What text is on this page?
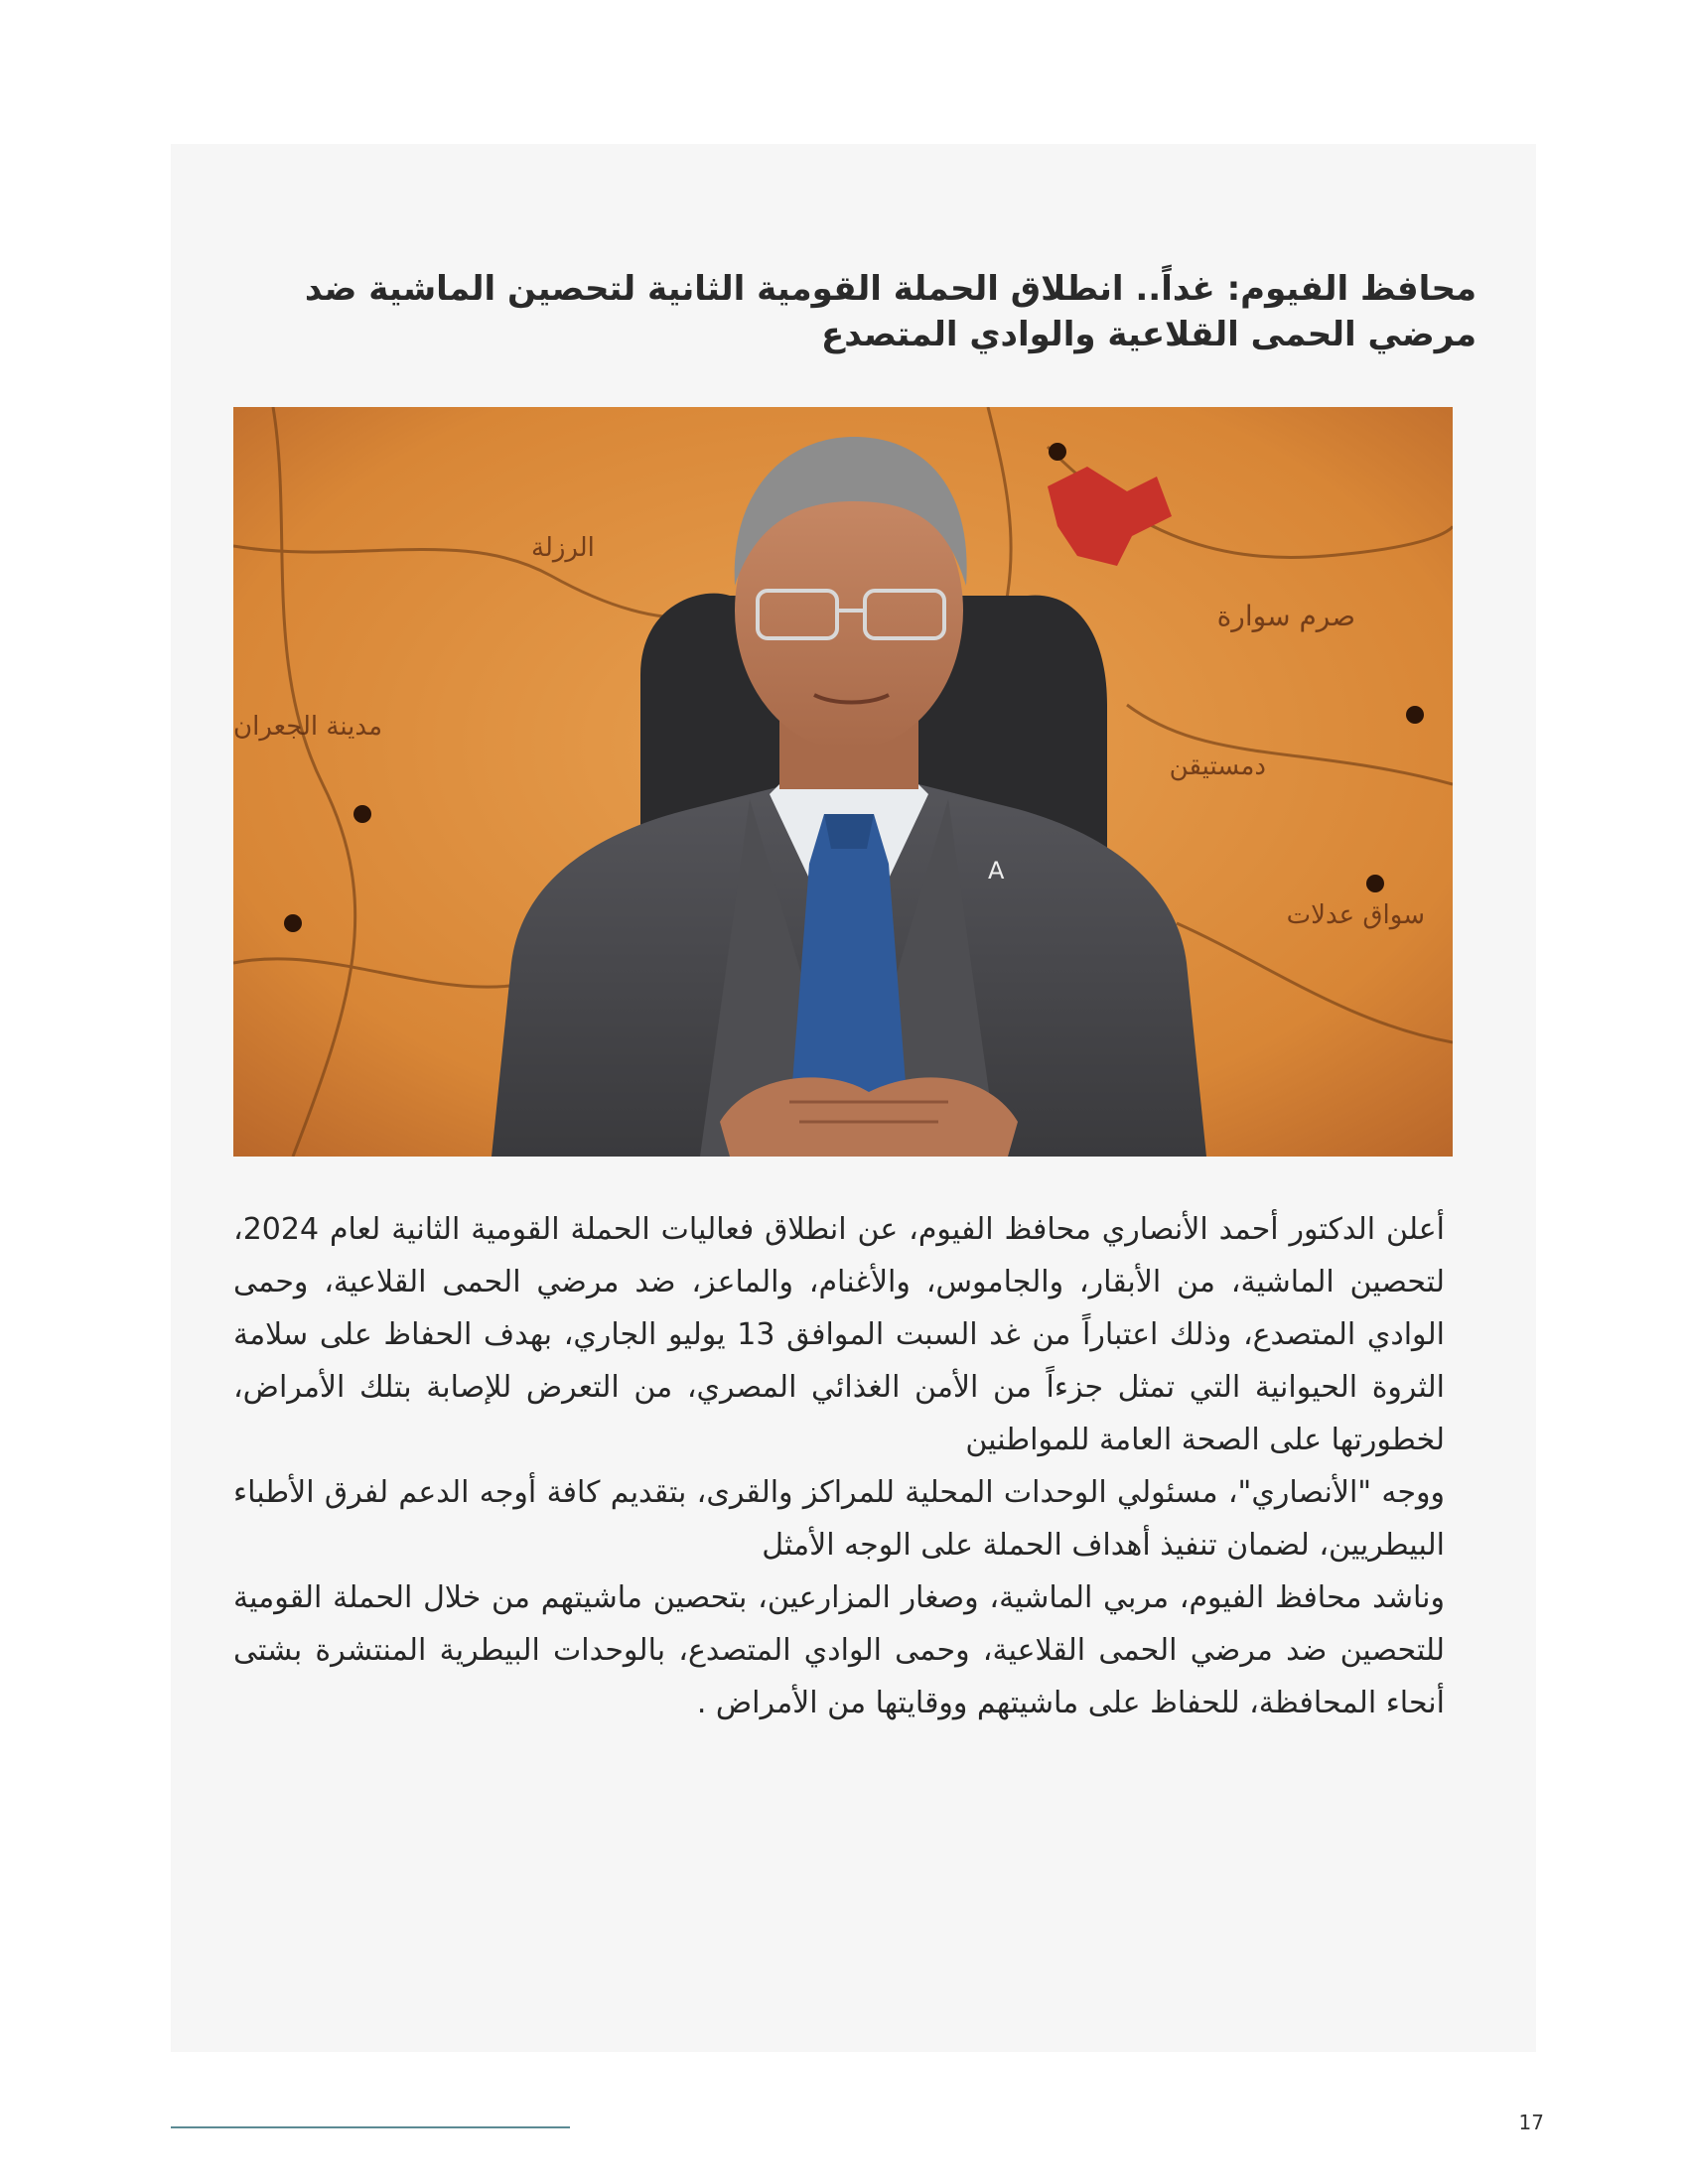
محافظ الفيوم: غداً.. انطلاق الحملة القومية الثانية لتحصين الماشية ضد مرضي الحمى القلاعية والوادي المتصدع
الرزلة
صرم سوارة
مدينة الجعران
دمستيقن
سواق عدلات
A

أعلن الدكتور أحمد الأنصاري محافظ الفيوم، عن انطلاق فعاليات الحملة القومية الثانية لعام 2024، لتحصين الماشية، من الأبقار، والجاموس، والأغنام، والماعز، ضد مرضي الحمى القلاعية، وحمى الوادي المتصدع، وذلك اعتباراً من غد السبت الموافق 13 يوليو الجاري، بهدف الحفاظ على سلامة الثروة الحيوانية التي تمثل جزءاً من الأمن الغذائي المصري، من التعرض للإصابة بتلك الأمراض، لخطورتها على الصحة العامة للمواطنين

ووجه "الأنصاري"، مسئولي الوحدات المحلية للمراكز والقرى، بتقديم كافة أوجه الدعم لفرق الأطباء البيطريين، لضمان تنفيذ أهداف الحملة على الوجه الأمثل

وناشد محافظ الفيوم، مربي الماشية، وصغار المزارعين، بتحصين ماشيتهم من خلال الحملة القومية للتحصين ضد مرضي الحمى القلاعية، وحمى الوادي المتصدع، بالوحدات البيطرية المنتشرة بشتى أنحاء المحافظة، للحفاظ على ماشيتهم ووقايتها من الأمراض .

17
